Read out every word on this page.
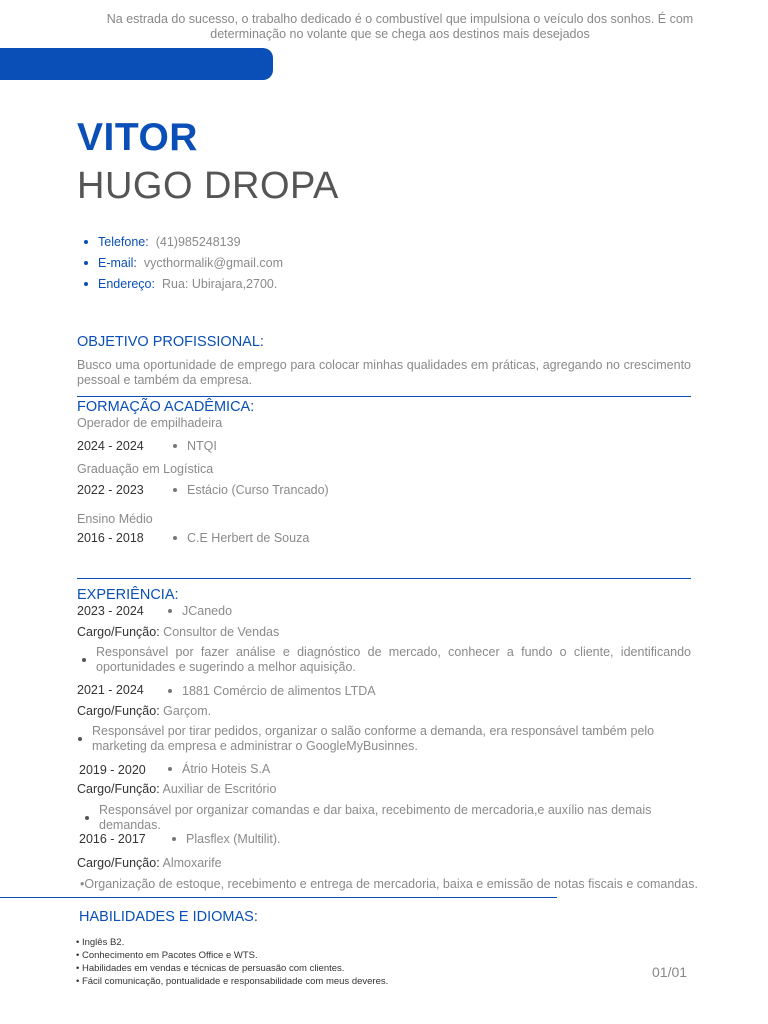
Na estrada do sucesso, o trabalho dedicado é o combustível que impulsiona o veículo dos sonhos. É com determinação no volante que se chega aos destinos mais desejados
VITOR
HUGO DROPA
Telefone: (41)985248139
E-mail: vycthormalik@gmail.com
Endereço: Rua: Ubirajara,2700.
OBJETIVO PROFISSIONAL:
Busco uma oportunidade de emprego para colocar minhas qualidades em práticas, agregando no crescimento pessoal e também da empresa.
FORMAÇÃO ACADÊMICA:
Operador de empilhadeira
2024 - 2024	NTQI
Graduação em Logística
2022 - 2023	Estácio (Curso Trancado)
Ensino Médio
2016 - 2018	C.E Herbert de Souza
EXPERIÊNCIA:
2023 - 2024	JCanedo
Cargo/Função: Consultor de Vendas
Responsável por fazer análise e diagnóstico de mercado, conhecer a fundo o cliente, identificando oportunidades e sugerindo a melhor aquisição.
2021 - 2024	1881 Comércio de alimentos LTDA
Cargo/Função: Garçom.
Responsável por tirar pedidos, organizar o salão conforme a demanda, era responsável também pelo marketing da empresa e administrar o GoogleMyBusinnes.
2019 - 2020	Átrio Hoteis S.A
Cargo/Função: Auxiliar de Escritório
Responsável por organizar comandas e dar baixa, recebimento de mercadoria,e auxílio nas demais demandas.
2016 - 2017	Plasflex (Multilit).
Cargo/Função: Almoxarife
•Organização de estoque, recebimento e entrega de mercadoria, baixa e emissão de notas fiscais e comandas.
HABILIDADES E IDIOMAS:
• Inglês B2.
• Conhecimento em Pacotes Office e WTS.
• Habilidades em vendas e técnicas de persuasão com clientes.
• Fácil comunicação, pontualidade e responsabilidade com meus deveres.
01/01
